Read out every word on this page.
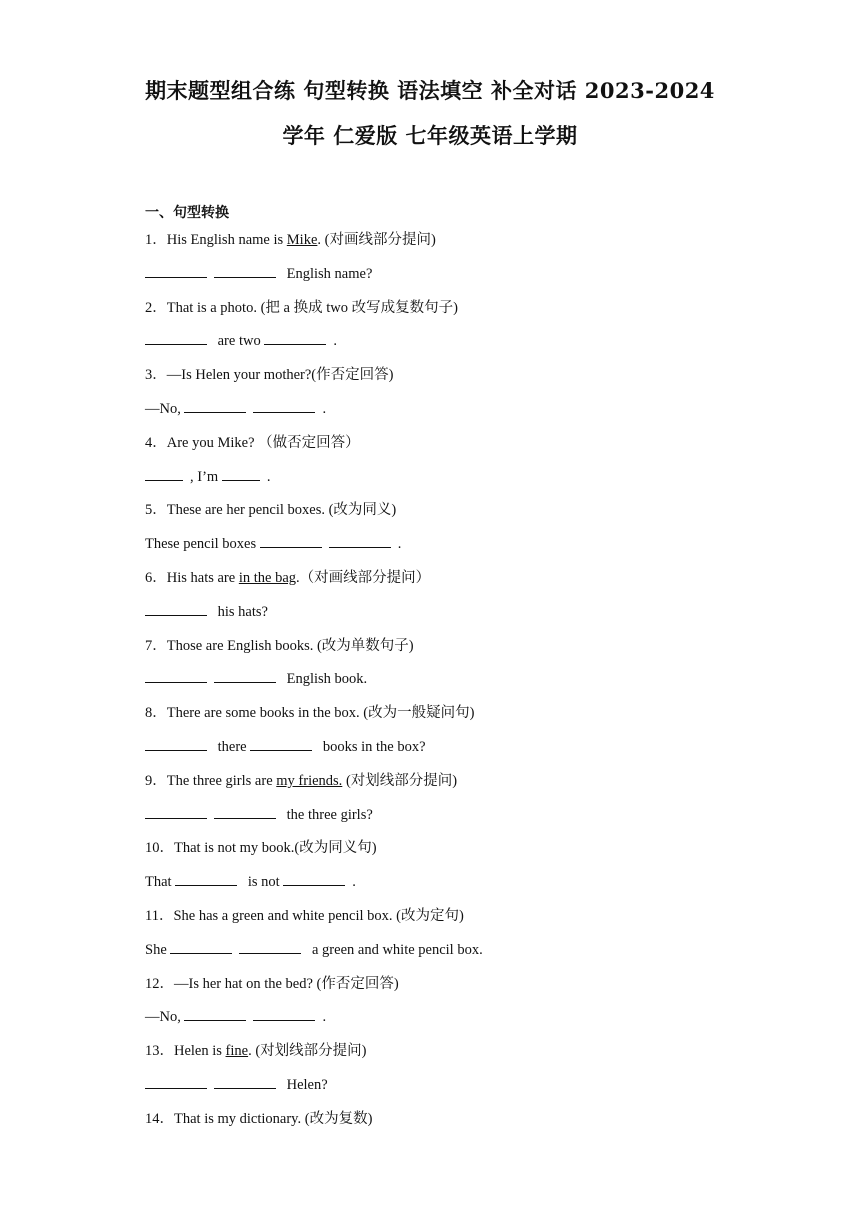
期末题型组合练 句型转换 语法填空 补全对话 2023-2024
学年 仁爱版 七年级英语上学期
一、句型转换
1．His English name is Mike. (对画线部分提问)
English name?
2．That is a photo. (把 a 换成 two 改写成复数句子)
are two	.
3．—Is Helen your mother?(作否定回答)
—No,	.
4．Are you Mike? （做否定回答）
, I’m	.
5．These are her pencil boxes. (改为同义)
These pencil boxes	.
6．His hats are in the bag.（对画线部分提问）
his hats?
7．Those are English books. (改为单数句子)
English book.
8．There are some books in the box. (改为一般疑问句)
there	books in the box?
9．The three girls are my friends. (对划线部分提问)
the three girls?
10．That is not my book.(改为同义句)
That	is not	.
11．She has a green and white pencil box. (改为定句)
She	a green and white pencil box.
12．—Is her hat on the bed? (作否定回答)
—No,	.
13．Helen is fine. (对划线部分提问)
Helen?
14．That is my dictionary. (改为复数)
